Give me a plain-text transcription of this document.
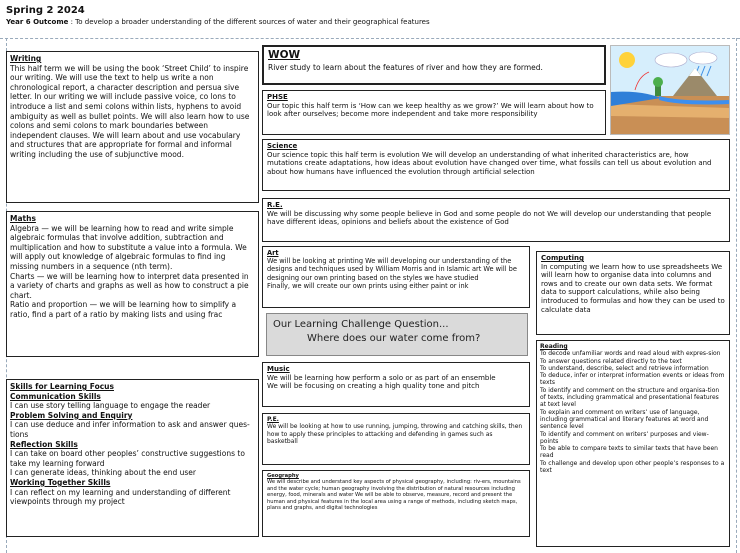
Spring 2 2024
Year 6 Outcome : To develop a broader understanding of the different sources of water and their geographical features
Writing
This half term we will be using the book ‘Street Child’ to inspire our writing. We will use the text to help us write a non chronological report, a character description and persua sive letter. In our writing we will include passive voice, co lons to introduce a list and semi colons within lists, hyphens to avoid ambiguity as well as bullet points. We will also learn how to use colons and semi colons to mark boundaries between independent clauses. We will learn about and use vocabulary and structures that are appropriate for formal and informal writing including the use of subjunctive mood.
Maths
Algebra — we will be learning how to read and write simple algebraic formulas that involve addition, subtraction and multiplication and how to substitute a value into a formula. We will apply out knowledge of algebraic formulas to find ing missing numbers in a sequence (nth term).
Charts — we will be learning how to interpret data presented in a variety of charts and graphs as well as how to construct a pie chart.
Ratio and proportion — we will be learning how to simplify a ratio, find a part of a ratio by making lists and using frac
Skills for Learning Focus
Communication Skills
I can use story telling language to engage the reader
Problem Solving and Enquiry
I can use deduce and infer information to ask and answer ques-tions
Reflection Skills
I can take on board other peoples’ constructive suggestions to take my learning forward
I can generate ideas, thinking about the end user
Working Together Skills
I can reflect on my learning and understanding of different viewpoints through my project
WOW
River study to learn about the features of river and how they are formed.
PHSE
Our topic this half term is ‘How can we keep healthy as we grow?’ We will learn about how to look after ourselves; become more independent and take more responsibility
Science
Our science topic this half term is evolution We will develop an understanding of what inherited characteristics are, how mutations create adaptations, how ideas about evolution have changed over time, what fossils can tell us about evolution and about how humans have influenced the evolution through artificial selection
R.E.
We will be discussing why some people believe in God and some people do not We will develop our understanding that people have different ideas, opinions and beliefs about the existence of God
Art
We will be looking at printing We will developing our understanding of the designs and techniques used by William Morris and in Islamic art We will be designing our own printing based on the styles we have studied
Finally, we will create our own prints using either paint or ink
Computing
In computing we learn how to use spreadsheets We will learn how to organise data into columns and rows and to create our own data sets. We format data to support calculations, while also being introduced to formulas and how they can be used to calculate data
Our Learning Challenge Question...
Where does our water come from?
Music
We will be learning how perform a solo or as part of an ensemble
We will be focusing on creating a high quality tone and pitch
P.E.
We will be looking at how to use running, jumping, throwing and catching skills, then how to apply these principles to attacking and defending in games such as basketball
Geography
We will describe and understand key aspects of physical geography, including: riv-ers, mountains and the water cycle; human geography involving the distribution of natural resources including energy, food, minerals and water We will be able to observe, measure, record and present the human and physical features in the local area using a range of methods, including sketch maps, plans and graphs, and digital technologies
Reading
To decode unfamiliar words and read aloud with expres-sion
To answer questions related directly to the text
To understand, describe, select and retrieve information
To deduce, infer or interpret information events or ideas from texts
To identify and comment on the structure and organisa-tion of texts, including grammatical and presentational features at text level
To explain and comment on writers’ use of language, including grammatical and literary features at word and sentence level
To identify and comment on writers’ purposes and view-points
To be able to compare texts to similar texts that have been read
To challenge and develop upon other people’s responses to a text
